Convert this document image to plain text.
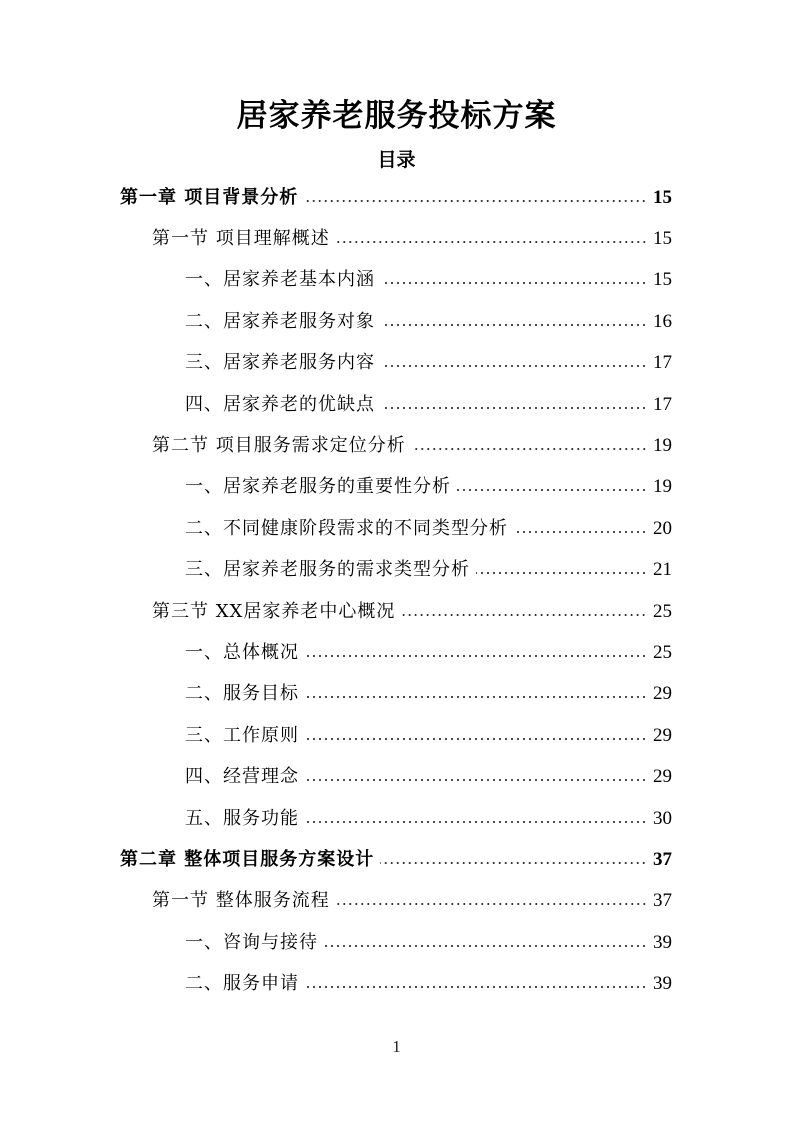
居家养老服务投标方案
目录
第一章 项目背景分析	15
第一节 项目理解概述	15
一、居家养老基本内涵	15
二、居家养老服务对象	16
三、居家养老服务内容	17
四、居家养老的优缺点	17
第二节 项目服务需求定位分析	19
一、居家养老服务的重要性分析	19
二、不同健康阶段需求的不同类型分析	20
三、居家养老服务的需求类型分析	21
第三节 XX居家养老中心概况	25
一、总体概况	25
二、服务目标	29
三、工作原则	29
四、经营理念	29
五、服务功能	30
第二章 整体项目服务方案设计	37
第一节 整体服务流程	37
一、咨询与接待	39
二、服务申请	39
1
